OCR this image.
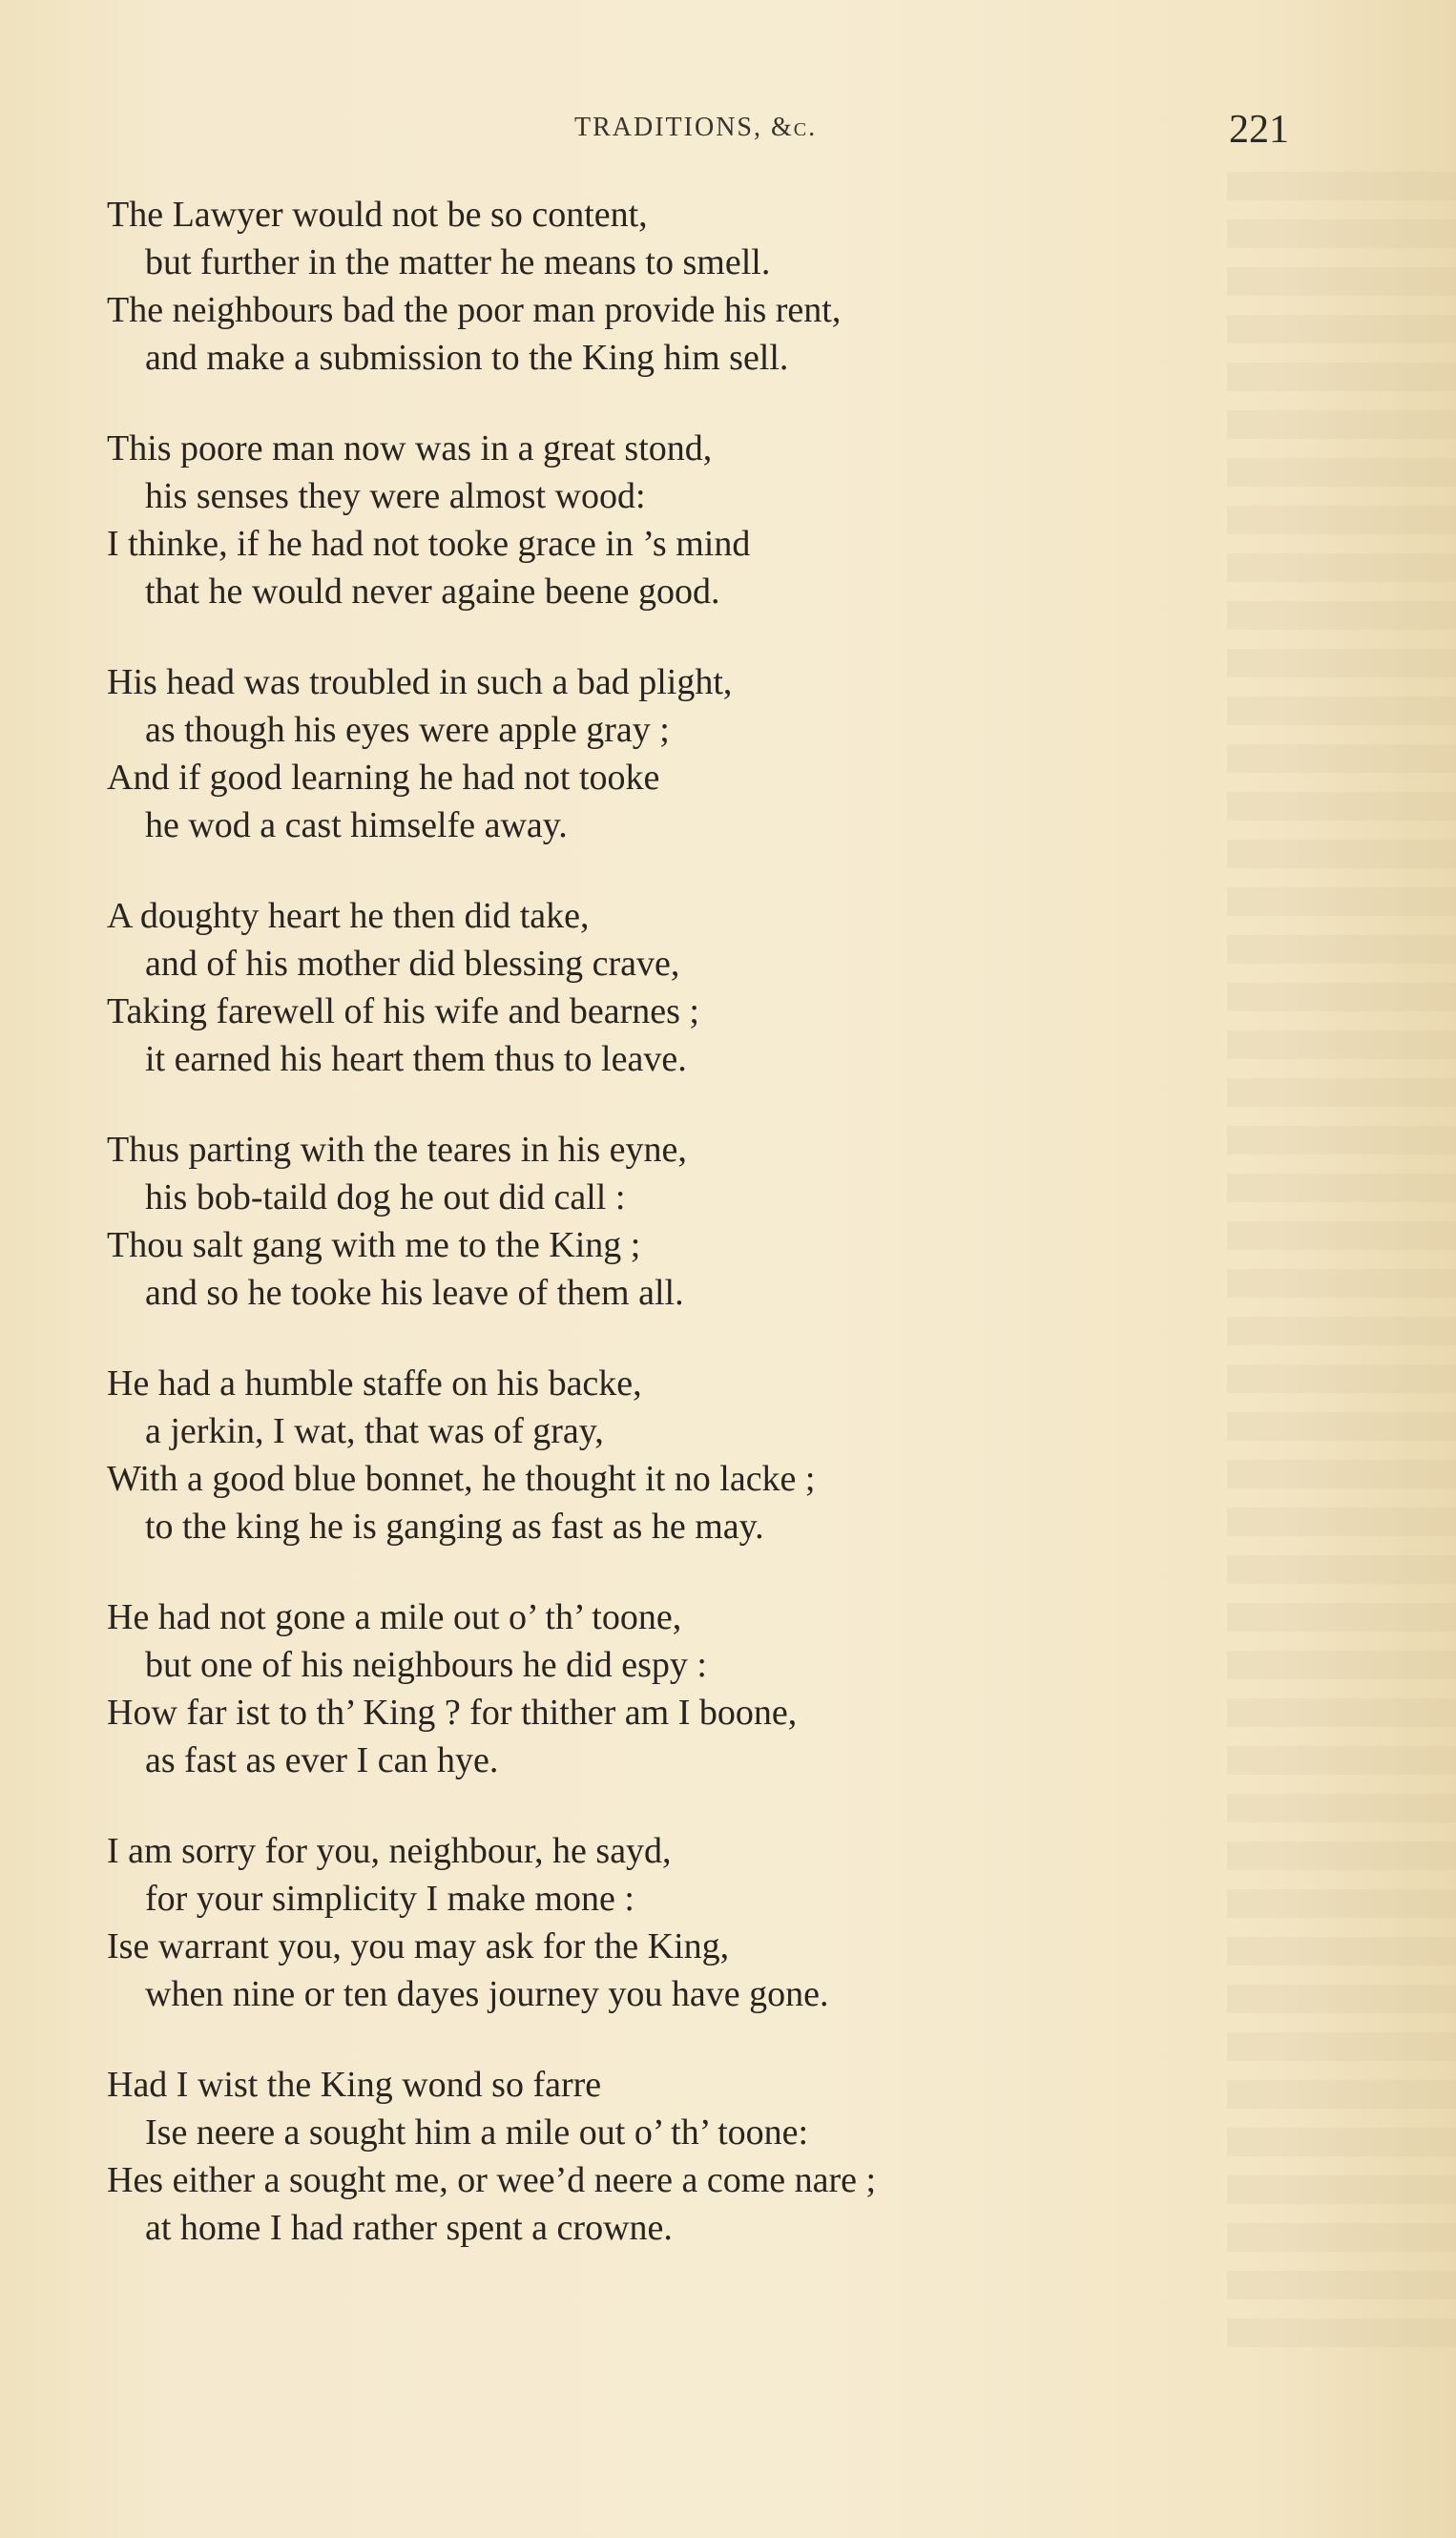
TRADITIONS, &c.	221
The Lawyer would not be so content,
but further in the matter he means to smell.
The neighbours bad the poor man provide his rent,
and make a submission to the King him sell.
This poore man now was in a great stond,
his senses they were almost wood:
I thinke, if he had not tooke grace in ’s mind
that he would never againe beene good.
His head was troubled in such a bad plight,
as though his eyes were apple gray ;
And if good learning he had not tooke
he wod a cast himselfe away.
A doughty heart he then did take,
and of his mother did blessing crave,
Taking farewell of his wife and bearnes ;
it earned his heart them thus to leave.
Thus parting with the teares in his eyne,
his bob-taild dog he out did call :
Thou salt gang with me to the King ;
and so he tooke his leave of them all.
He had a humble staffe on his backe,
a jerkin, I wat, that was of gray,
With a good blue bonnet, he thought it no lacke ;
to the king he is ganging as fast as he may.
He had not gone a mile out o’ th’ toone,
but one of his neighbours he did espy :
How far ist to th’ King ? for thither am I boone,
as fast as ever I can hye.
I am sorry for you, neighbour, he sayd,
for your simplicity I make mone :
Ise warrant you, you may ask for the King,
when nine or ten dayes journey you have gone.
Had I wist the King wond so farre
Ise neere a sought him a mile out o’ th’ toone:
Hes either a sought me, or wee’d neere a come nare ;
at home I had rather spent a crowne.
